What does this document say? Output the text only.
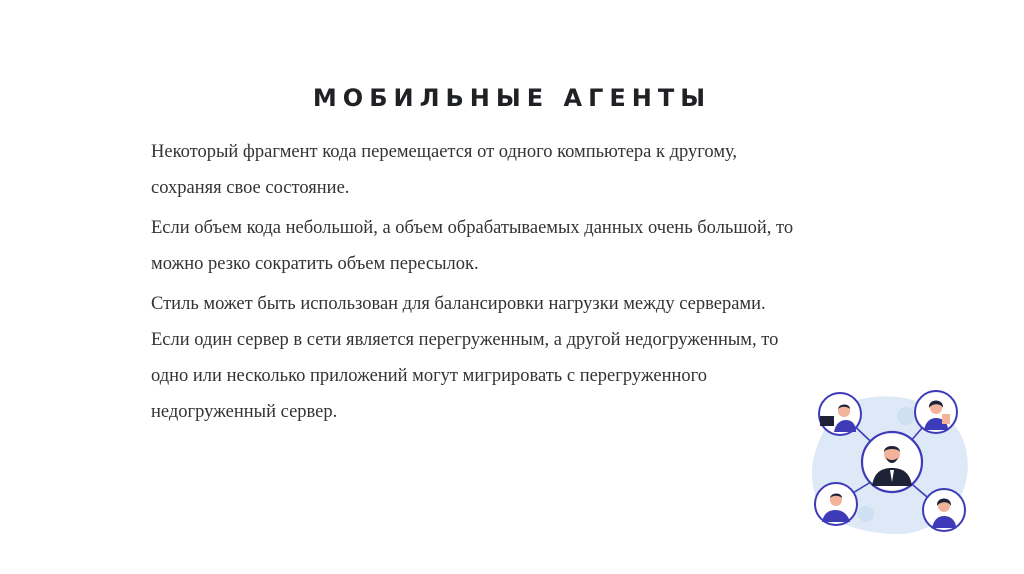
МОБИЛЬНЫЕ АГЕНТЫ
Некоторый фрагмент кода перемещается от одного компьютера к другому,
сохраняя свое состояние.
Если объем кода небольшой, а объем обрабатываемых данных очень большой, то
можно резко сократить объем пересылок.
Стиль может быть использован для балансировки нагрузки между серверами.
Если один сервер в сети является перегруженным, а другой недогруженным, то
одно или несколько приложений могут мигрировать с перегруженного
недогруженный сервер.
